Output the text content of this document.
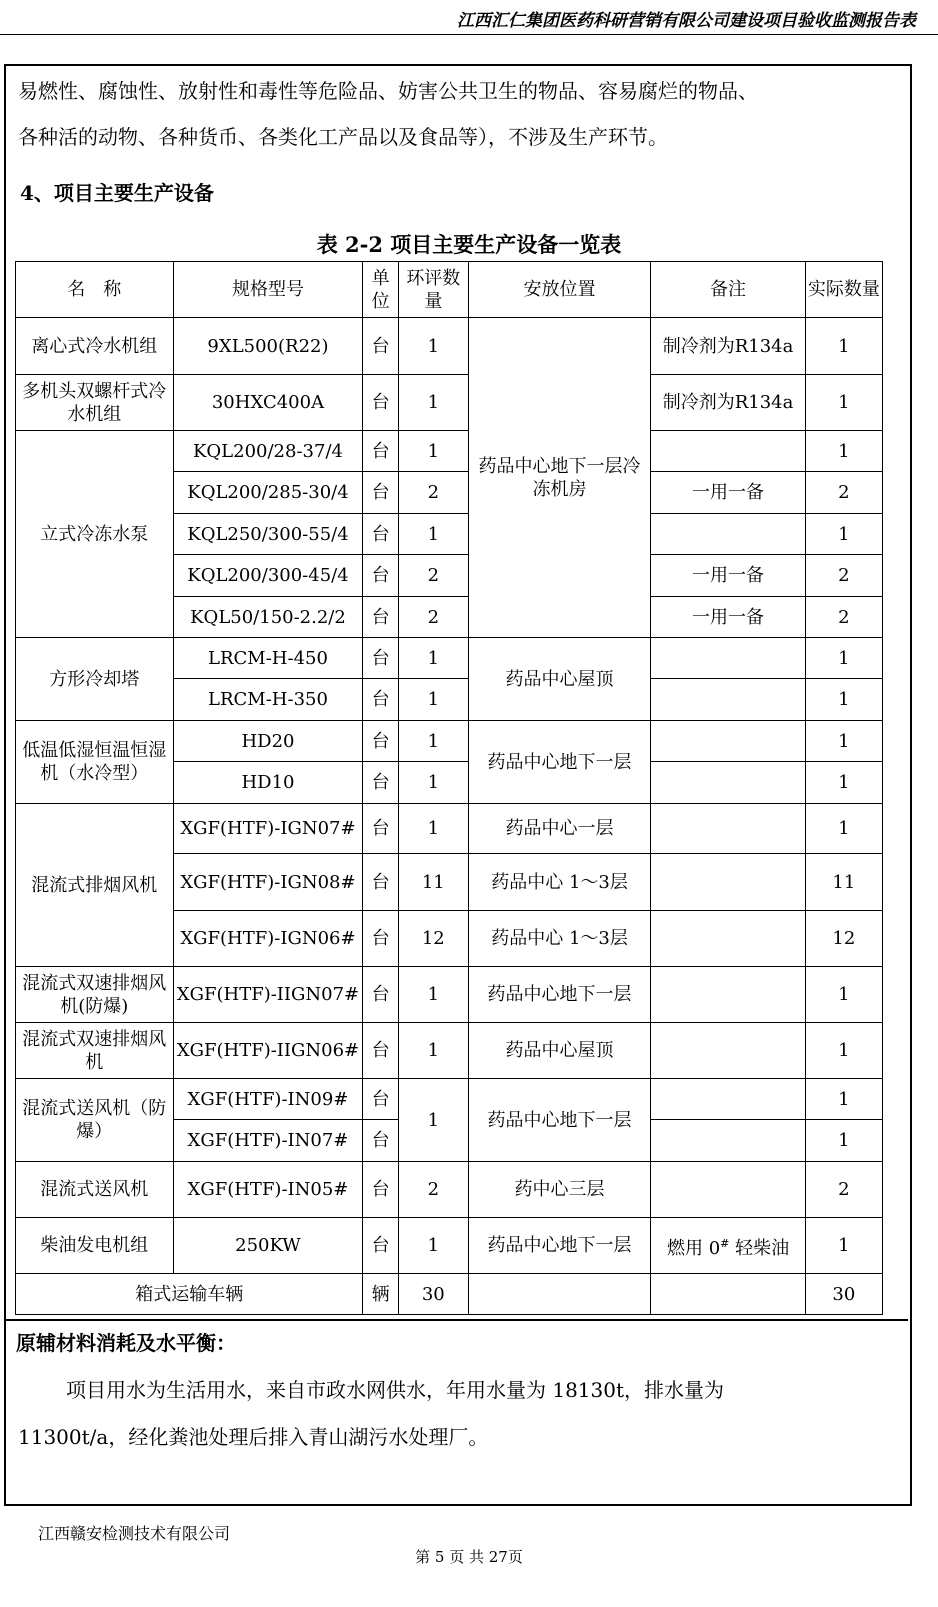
江西汇仁集团医药科研营销有限公司建设项目验收监测报告表
易燃性、腐蚀性、放射性和毒性等危险品、妨害公共卫生的物品、容易腐烂的物品、
各种活的动物、各种货币、各类化工产品以及食品等），不涉及生产环节。
4、项目主要生产设备
表 2-2 项目主要生产设备一览表
名　称	规格型号	单位	环评数量	安放位置	备注	实际数量
离心式冷水机组	9XL500(R22)	台	1	药品中心地下一层冷冻机房	制冷剂为R134a	1
多机头双螺杆式冷水机组	30HXC400A	台	1		制冷剂为R134a	1
立式冷冻水泵	KQL200/28-37/4	台	1			1
	KQL200/285-30/4	台	2		一用一备	2
	KQL250/300-55/4	台	1			1
	KQL200/300-45/4	台	2		一用一备	2
	KQL50/150-2.2/2	台	2		一用一备	2
方形冷却塔	LRCM-H-450	台	1	药品中心屋顶		1
	LRCM-H-350	台	1			1
低温低湿恒温恒湿机（水冷型）	HD20	台	1	药品中心地下一层		1
	HD10	台	1			1
混流式排烟风机	XGF(HTF)-IGN07#	台	1	药品中心一层		1
	XGF(HTF)-IGN08#	台	11	药品中心 1～3层		11
	XGF(HTF)-IGN06#	台	12	药品中心 1～3层		12
混流式双速排烟风机(防爆)	XGF(HTF)-IIGN07#	台	1	药品中心地下一层		1
混流式双速排烟风机	XGF(HTF)-IIGN06#	台	1	药品中心屋顶		1
混流式送风机（防爆）	XGF(HTF)-IN09#	台	1	药品中心地下一层		1
	XGF(HTF)-IN07#	台				1
混流式送风机	XGF(HTF)-IN05#	台	2	药中心三层		2
柴油发电机组	250KW	台	1	药品中心地下一层	燃用 0# 轻柴油	1
箱式运输车辆		辆	30			30
原辅材料消耗及水平衡：
项目用水为生活用水，来自市政水网供水，年用水量为 18130t，排水量为
11300t/a，经化粪池处理后排入青山湖污水处理厂。
江西赣安检测技术有限公司
第 5 页 共 27页
